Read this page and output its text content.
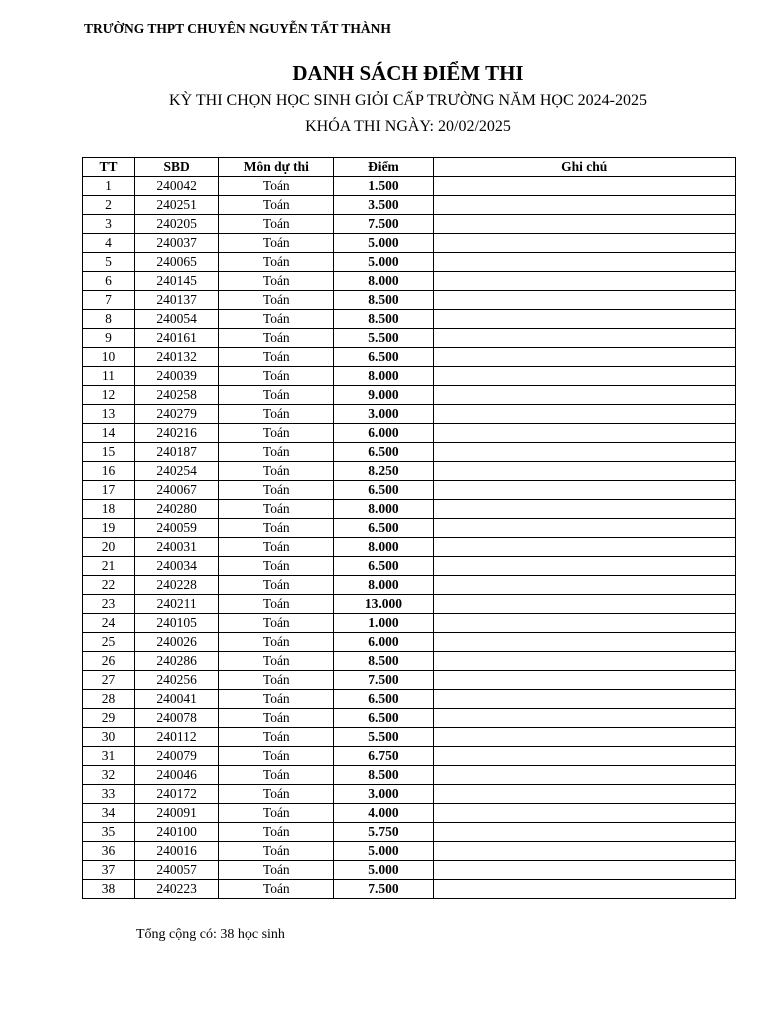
TRƯỜNG THPT CHUYÊN NGUYỄN TẤT THÀNH
DANH SÁCH ĐIỂM THI
KỲ THI CHỌN HỌC SINH GIỎI CẤP TRƯỜNG NĂM HỌC 2024-2025
KHÓA THI NGÀY: 20/02/2025
TT	SBD	Môn dự thi	Điểm	Ghi chú
1	240042	Toán	1.500	
2	240251	Toán	3.500	
3	240205	Toán	7.500	
4	240037	Toán	5.000	
5	240065	Toán	5.000	
6	240145	Toán	8.000	
7	240137	Toán	8.500	
8	240054	Toán	8.500	
9	240161	Toán	5.500	
10	240132	Toán	6.500	
11	240039	Toán	8.000	
12	240258	Toán	9.000	
13	240279	Toán	3.000	
14	240216	Toán	6.000	
15	240187	Toán	6.500	
16	240254	Toán	8.250	
17	240067	Toán	6.500	
18	240280	Toán	8.000	
19	240059	Toán	6.500	
20	240031	Toán	8.000	
21	240034	Toán	6.500	
22	240228	Toán	8.000	
23	240211	Toán	13.000	
24	240105	Toán	1.000	
25	240026	Toán	6.000	
26	240286	Toán	8.500	
27	240256	Toán	7.500	
28	240041	Toán	6.500	
29	240078	Toán	6.500	
30	240112	Toán	5.500	
31	240079	Toán	6.750	
32	240046	Toán	8.500	
33	240172	Toán	3.000	
34	240091	Toán	4.000	
35	240100	Toán	5.750	
36	240016	Toán	5.000	
37	240057	Toán	5.000	
38	240223	Toán	7.500	
Tổng cộng có: 38 học sinh
